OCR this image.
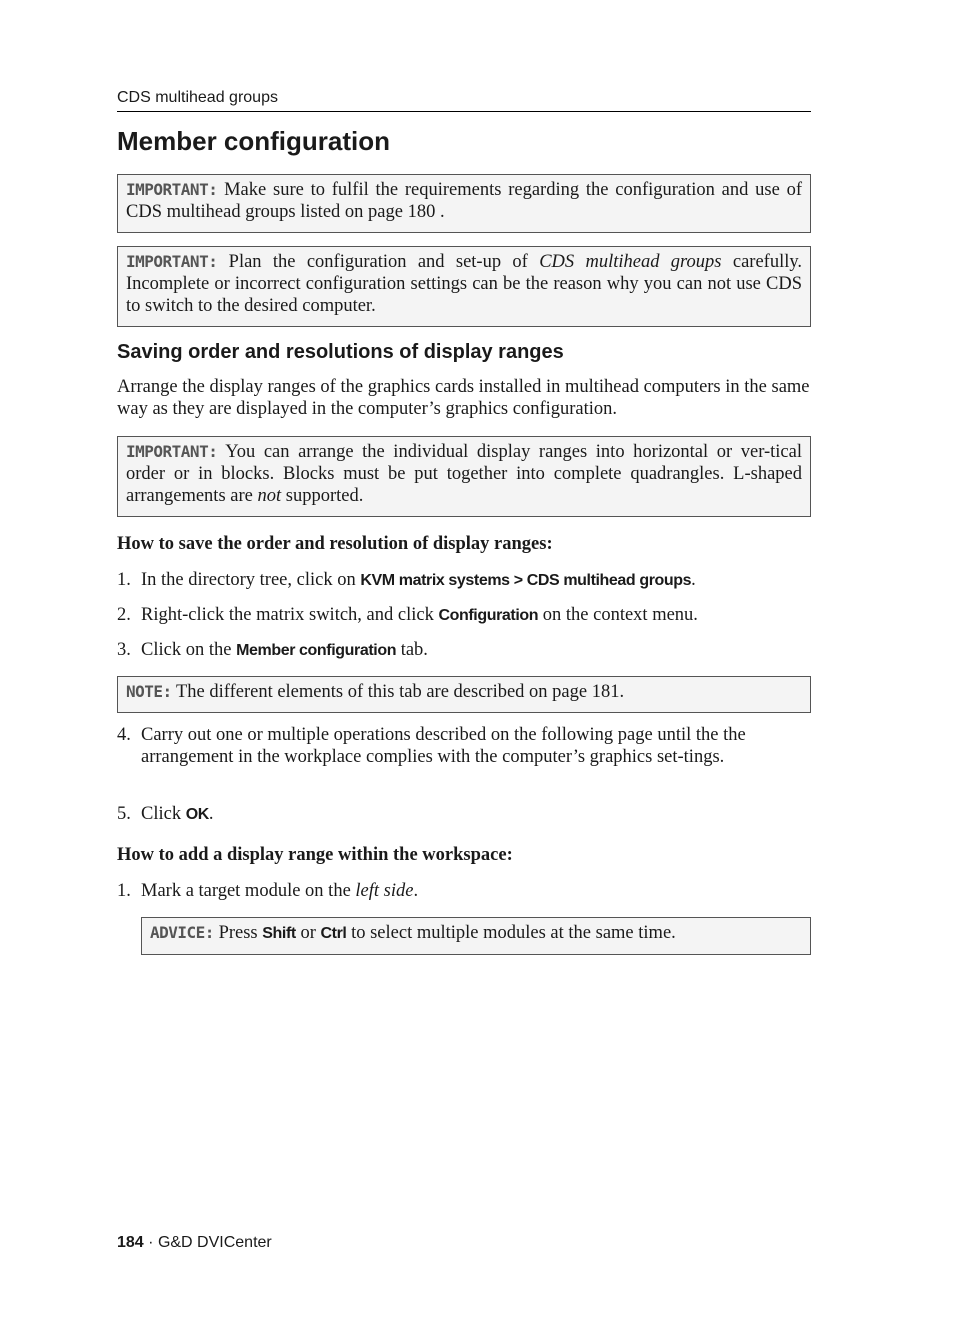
CDS multihead groups
Member configuration
IMPORTANT: Make sure to fulfil the requirements regarding the configuration and use of CDS multihead groups listed on page 180 .
IMPORTANT: Plan the configuration and set-up of CDS multihead groups carefully. Incomplete or incorrect configuration settings can be the reason why you can not use CDS to switch to the desired computer.
Saving order and resolutions of display ranges
Arrange the display ranges of the graphics cards installed in multihead computers in the same way as they are displayed in the computer’s graphics configuration.
IMPORTANT: You can arrange the individual display ranges into horizontal or ver-tical order or in blocks. Blocks must be put together into complete quadrangles. L-shaped arrangements are not supported.
How to save the order and resolution of display ranges:
1. In the directory tree, click on KVM matrix systems > CDS multihead groups.
2. Right-click the matrix switch, and click Configuration on the context menu.
3. Click on the Member configuration tab.
NOTE: The different elements of this tab are described on page 181.
4. Carry out one or multiple operations described on the following page until the the arrangement in the workplace complies with the computer’s graphics set-tings.
5. Click OK.
How to add a display range within the workspace:
1. Mark a target module on the left side.
ADVICE: Press Shift or Ctrl to select multiple modules at the same time.
184 · G&D DVICenter
